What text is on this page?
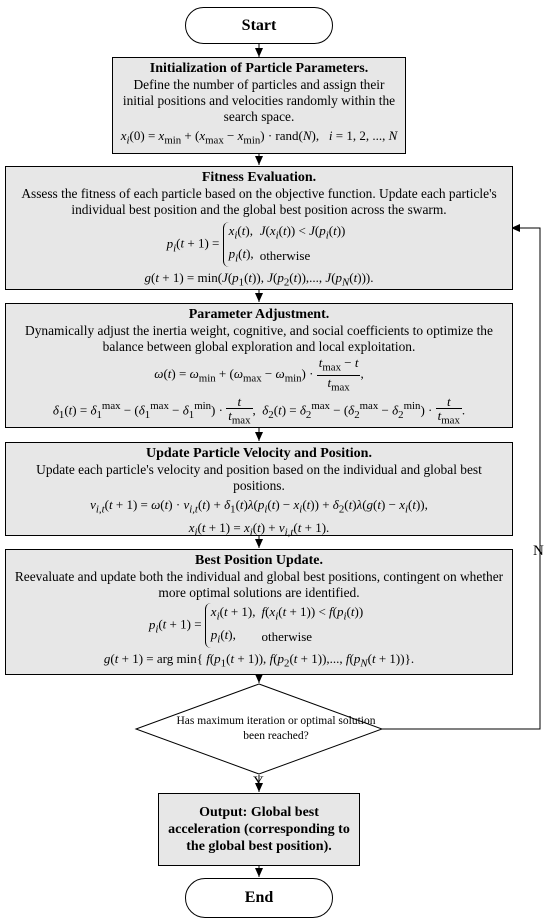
Start
Initialization of Particle Parameters.
Define the number of particles and assign their initial positions and velocities randomly within the search space.
$x_i(0) = x_{min} + (x_{max} - x_{min})$ · rand(N),   i = 1, 2, ..., N
Fitness Evaluation.
Assess the fitness of each particle based on the objective function. Update each particle's individual best position and the global best position across the swarm.
$p_i(t + 1)$ =
$x_i(t)$,	$J(x_i(t)) < J(p_i(t))$
$p_i(t)$,	otherwise
$g(t + 1) = \min(J(p_1(t))$, $J(p_2(t))$,..., $J(p_N(t))$).
Parameter Adjustment.
Dynamically adjust the inertia weight, cognitive, and social coefficients to optimize the balance between global exploration and local exploitation.
$\omega(t) = \omega_{min} + (\omega_{max} - \omega_{min}) \cdot \frac{t_{max} - t}{t_{max}}$ ,
$\delta_1(t) = \delta_1^{max} - (\delta_1^{max} - \delta_1^{min}) \cdot \frac{t}{t_{max}}$ ,  $\delta_2(t) = \delta_2^{max} - (\delta_2^{max} - \delta_2^{min}) \cdot \frac{t}{t_{max}}$ .
Update Particle Velocity and Position.
Update each particle's velocity and position based on the individual and global best positions.
$v_{i,t}(t + 1) = \omega(t) \cdot v_{i,t}(t) + \delta_1(t)\lambda(p_i(t) - x_i(t)) + \delta_2(t)\lambda(g(t) - x_i(t))$,
$x_i(t + 1) = x_i(t) + v_{i,t}(t + 1)$.
Best Position Update.
Reevaluate and update both the individual and global best positions, contingent on whether more optimal solutions are identified.
$p_i(t + 1)$ =
$x_i(t + 1)$,	$f(x_i(t + 1)) < f(p_i(t))$
$p_i(t)$,	otherwise
g(t + 1) = arg min{ $f(p_1(t + 1))$, $f(p_2(t + 1))$,..., $f(p_N(t + 1))$}.
Has maximum iteration or optimal solution been reached?
N
Y
Output: Global best acceleration (corresponding to the global best position).
End
